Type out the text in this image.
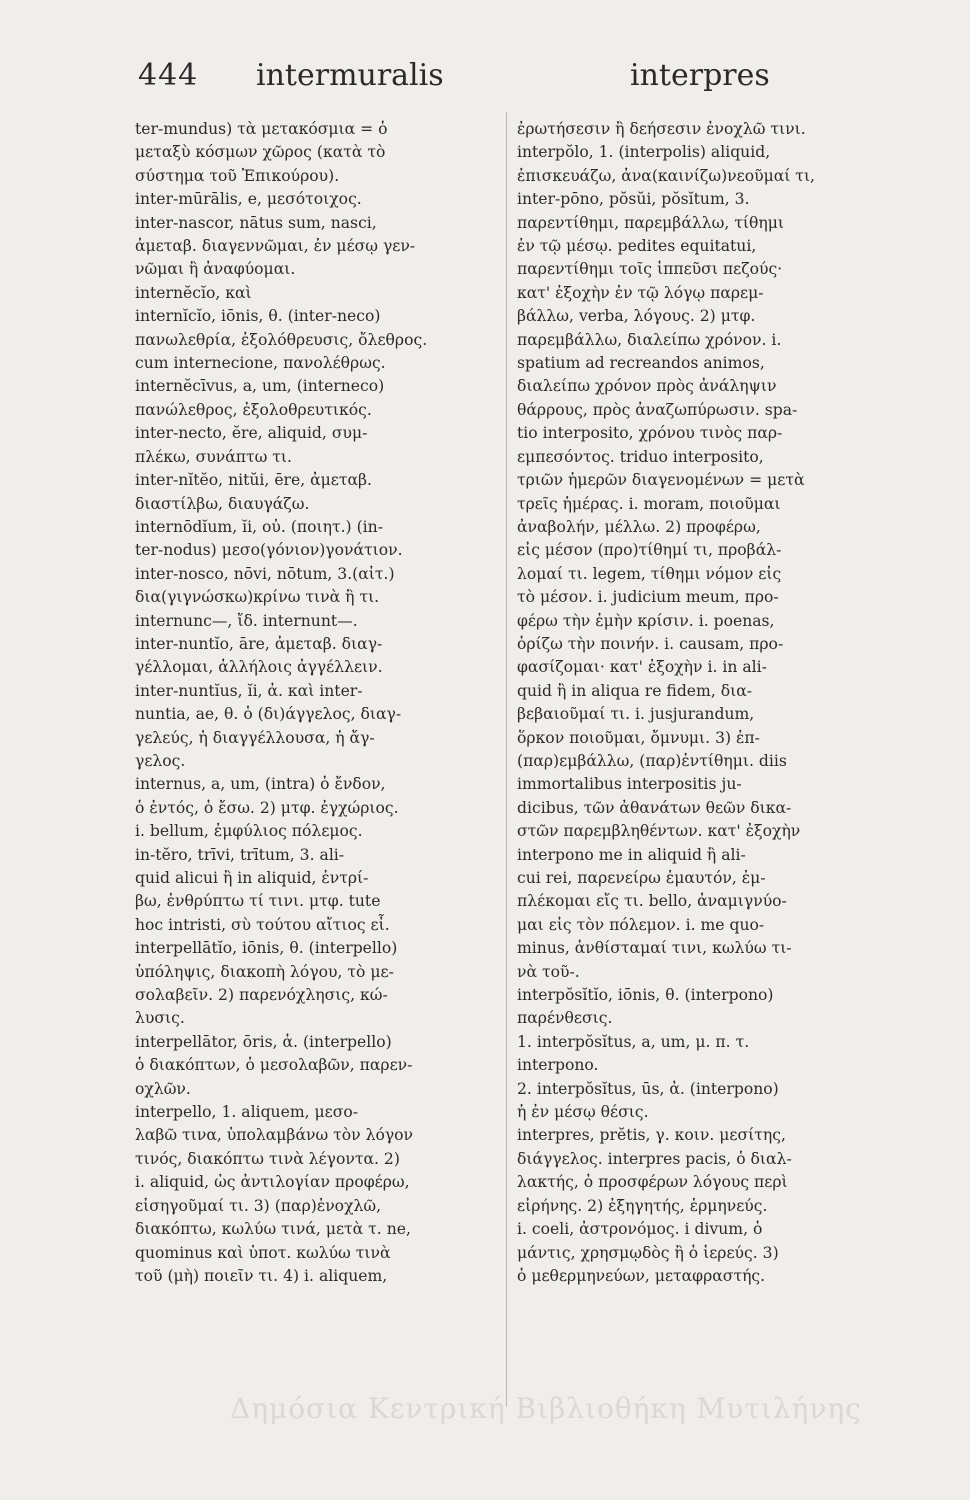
444 intermuralis	interpres
ter-mundus) τὰ μετακόσμια = ὁ
μεταξὺ κόσμων χῶρος (κατὰ τὸ
σύστημα τοῦ Ἐπικούρου).
inter-mūrālis, e, μεσότοιχος.
inter-nascor, nātus sum, nasci,
ἀμεταβ. διαγεννῶμαι, ἐν μέσῳ γεν-
νῶμαι ἢ ἀναφύομαι.
internĕcĭo, καὶ
internĭcĭo, iōnis, θ. (inter-neco)
πανωλεθρία, ἐξολόθρευσις, ὄλεθρος.
cum internecione, πανολέθρως.
internĕcīvus, a, um, (interneco)
πανώλεθρος, ἐξολοθρευτικός.
inter-necto, ĕre, aliquid, συμ-
πλέκω, συνάπτω τι.
inter-nĭtĕo, nitŭi, ēre, ἀμεταβ.
διαστίλβω, διαυγάζω.
internōdĭum, ĭi, οὐ. (ποιητ.) (in-
ter-nodus) μεσο(γόνιον)γονάτιον.
inter-nosco, nōvi, nōtum, 3.(αἰτ.)
δια(γιγνώσκω)κρίνω τινὰ ἢ τι.
internunc—, ἴδ. internunt—.
inter-nuntĭo, āre, ἀμεταβ. διαγ-
γέλλομαι, ἀλλήλοις ἀγγέλλειν.
inter-nuntĭus, ĭi, ἀ. καὶ inter-
nuntia, ae, θ. ὁ (δι)άγγελος, διαγ-
γελεύς, ἡ διαγγέλλουσα, ἡ ἄγ-
γελος.
internus, a, um, (intra) ὁ ἔνδον,
ὁ ἐντός, ὁ ἔσω. 2) μτφ. ἐγχώριος.
i. bellum, ἐμφύλιος πόλεμος.
in-tĕro, trīvi, trītum, 3. ali-
quid alicui ἢ in aliquid, ἐντρί-
βω, ἐνθρύπτω τί τινι. μτφ. tute
hoc intristi, σὺ τούτου αἴτιος εἶ.
interpellātĭo, iōnis, θ. (interpello)
ὑπόληψις, διακοπὴ λόγου, τὸ με-
σολαβεῖν. 2) παρενόχλησις, κώ-
λυσις.
interpellātor, ōris, ἀ. (interpello)
ὁ διακόπτων, ὁ μεσολαβῶν, παρεν-
οχλῶν.
interpello, 1. aliquem, μεσο-
λαβῶ τινα, ὑπολαμβάνω τὸν λόγον
τινός, διακόπτω τινὰ λέγοντα. 2)
i. aliquid, ὡς ἀντιλογίαν προφέρω,
εἰσηγοῦμαί τι. 3) (παρ)ἐνοχλῶ,
διακόπτω, κωλύω τινά, μετὰ τ. ne,
quominus καὶ ὑποτ. κωλύω τινὰ
τοῦ (μὴ) ποιεῖν τι. 4) i. aliquem,
ἐρωτήσεσιν ἢ δεήσεσιν ἐνοχλῶ τινι.
interpŏlo, 1. (interpolis) aliquid,
ἐπισκευάζω, ἀνα(καινίζω)νεοῦμαί τι,
inter-pōno, pŏsŭi, pŏsĭtum, 3.
παρεντίθημι, παρεμβάλλω, τίθημι
ἐν τῷ μέσῳ. pedites equitatui,
παρεντίθημι τοῖς ἱππεῦσι πεζούς·
κατ' ἐξοχὴν ἐν τῷ λόγῳ παρεμ-
βάλλω, verba, λόγους. 2) μτφ.
παρεμβάλλω, διαλείπω χρόνον. i.
spatium ad recreandos animos,
διαλείπω χρόνον πρὸς ἀνάληψιν
θάρρους, πρὸς ἀναζωπύρωσιν. spa-
tio interposito, χρόνου τινὸς παρ-
εμπεσόντος. triduo interposito,
τριῶν ἡμερῶν διαγενομένων = μετὰ
τρεῖς ἡμέρας. i. moram, ποιοῦμαι
ἀναβολήν, μέλλω. 2) προφέρω,
εἰς μέσον (προ)τίθημί τι, προβάλ-
λομαί τι. legem, τίθημι νόμον εἰς
τὸ μέσον. i. judicium meum, προ-
φέρω τὴν ἐμὴν κρίσιν. i. poenas,
ὁρίζω τὴν ποινήν. i. causam, προ-
φασίζομαι· κατ' ἐξοχὴν i. in ali-
quid ἢ in aliqua re fidem, δια-
βεβαιοῦμαί τι. i. jusjurandum,
ὅρκον ποιοῦμαι, ὄμνυμι. 3) ἐπ-
(παρ)εμβάλλω, (παρ)ἐντίθημι. diis
immortalibus interpositis ju-
dicibus, τῶν ἀθανάτων θεῶν δικα-
στῶν παρεμβληθέντων. κατ' ἐξοχὴν
interpono me in aliquid ἢ ali-
cui rei, παρενείρω ἐμαυτόν, ἐμ-
πλέκομαι εἴς τι. bello, ἀναμιγνύο-
μαι εἰς τὸν πόλεμον. i. me quo-
minus, ἀνθίσταμαί τινι, κωλύω τι-
νὰ τοῦ-.
interpŏsĭtĭo, iōnis, θ. (interpono)
παρένθεσις.
1. interpŏsĭtus, a, um, μ. π. τ.
interpono.
2. interpŏsĭtus, ūs, ἀ. (interpono)
ἡ ἐν μέσῳ θέσις.
interpres, prĕtis, γ. κοιν. μεσίτης,
διάγγελος. interpres pacis, ὁ διαλ-
λακτής, ὁ προσφέρων λόγους περὶ
εἰρήνης. 2) ἐξηγητής, ἑρμηνεύς.
i. coeli, ἀστρονόμος. i divum, ὁ
μάντις, χρησμῳδὸς ἢ ὁ ἱερεύς. 3)
ὁ μεθερμηνεύων, μεταφραστής.
Δημόσια Κεντρική Βιβλιοθήκη Μυτιλήνης
